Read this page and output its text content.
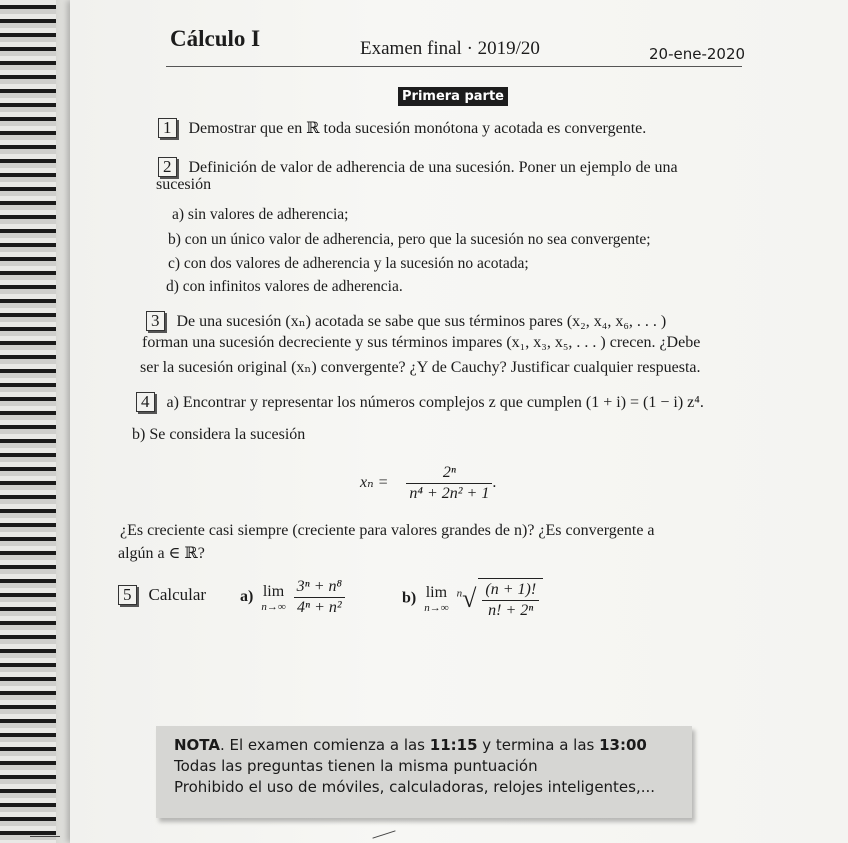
Cálculo I	Examen final · 2019/20	20-ene-2020
Primera parte
1 Demostrar que en ℝ toda sucesión monótona y acotada es convergente.
2 Definición de valor de adherencia de una sucesión. Poner un ejemplo de una
sucesión
a) sin valores de adherencia;
b) con un único valor de adherencia, pero que la sucesión no sea convergente;
c) con dos valores de adherencia y la sucesión no acotada;
d) con infinitos valores de adherencia.
3 De una sucesión (xₙ) acotada se sabe que sus términos pares (x₂, x₄, x₆, . . . )
forman una sucesión decreciente y sus términos impares (x₁, x₃, x₅, . . . ) crecen. ¿Debe
ser la sucesión original (xₙ) convergente? ¿Y de Cauchy? Justificar cualquier respuesta.
4 a) Encontrar y representar los números complejos z que cumplen (1 + i) = (1 − i) z⁴.
b) Se considera la sucesión
$x_n = \frac{\text{2ⁿ}}{\text{n⁴ + 2n² + 1}}$ .
¿Es creciente casi siempre (creciente para valores grandes de n)? ¿Es convergente a
algún a ∈ ℝ?
5 Calcular a) lim
n→∞
$\frac{\text{3ⁿ + n⁸}}{\text{4ⁿ + n²}}$	b) lim
n→∞
$^n√ \frac{(n + 1)!}{\text{n! + 2ⁿ}}$
NOTA. El examen comienza a las 11:15 y termina a las 13:00
Todas las preguntas tienen la misma puntuación
Prohibido el uso de móviles, calculadoras, relojes inteligentes,...
